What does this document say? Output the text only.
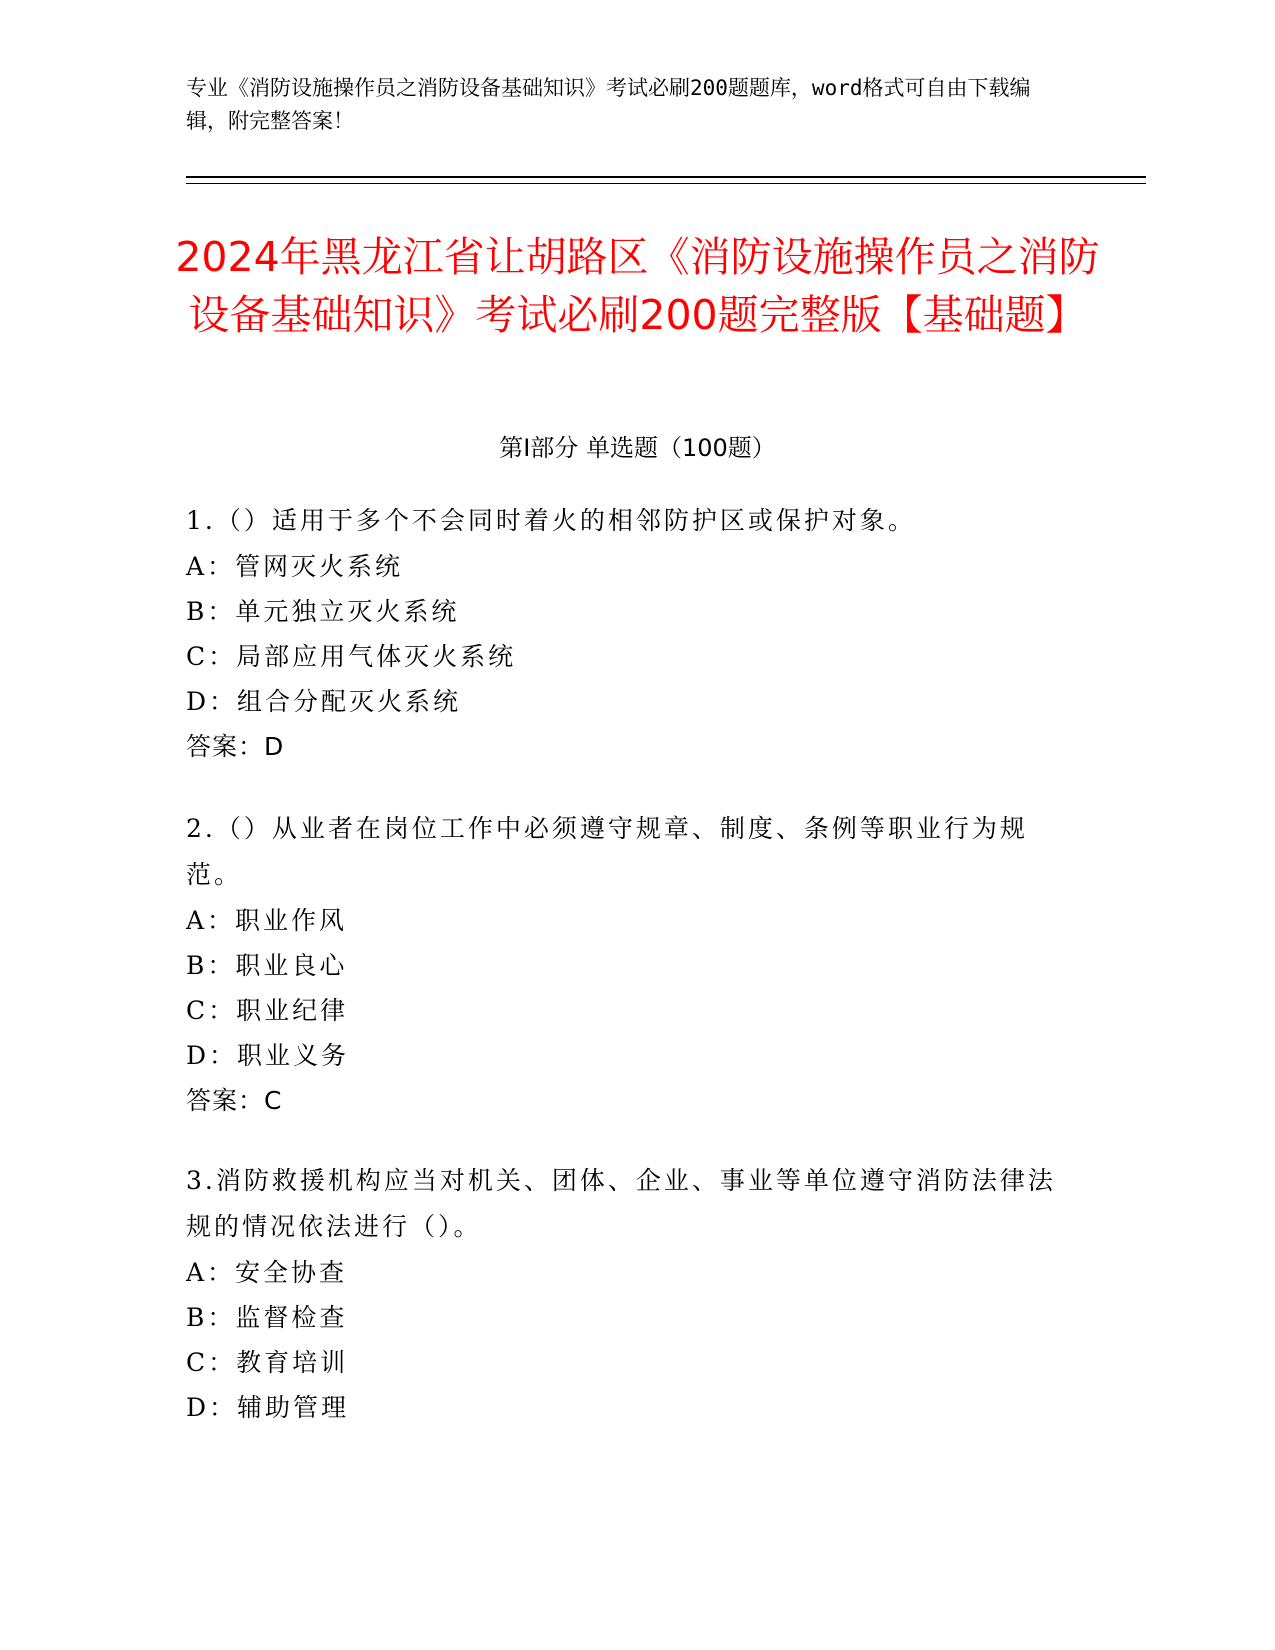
专业《消防设施操作员之消防设备基础知识》考试必刷200题题库，word格式可自由下载编辑，附完整答案！
2024年黑龙江省让胡路区《消防设施操作员之消防设备基础知识》考试必刷200题完整版【基础题】
第Ⅰ部分 单选题（100题）
1.（）适用于多个不会同时着火的相邻防护区或保护对象。
A：管网灭火系统
B：单元独立灭火系统
C：局部应用气体灭火系统
D：组合分配灭火系统
答案：D
2.（）从业者在岗位工作中必须遵守规章、制度、条例等职业行为规范。
A：职业作风
B：职业良心
C：职业纪律
D：职业义务
答案：C
3.消防救援机构应当对机关、团体、企业、事业等单位遵守消防法律法规的情况依法进行（）。
A：安全协查
B：监督检查
C：教育培训
D：辅助管理
